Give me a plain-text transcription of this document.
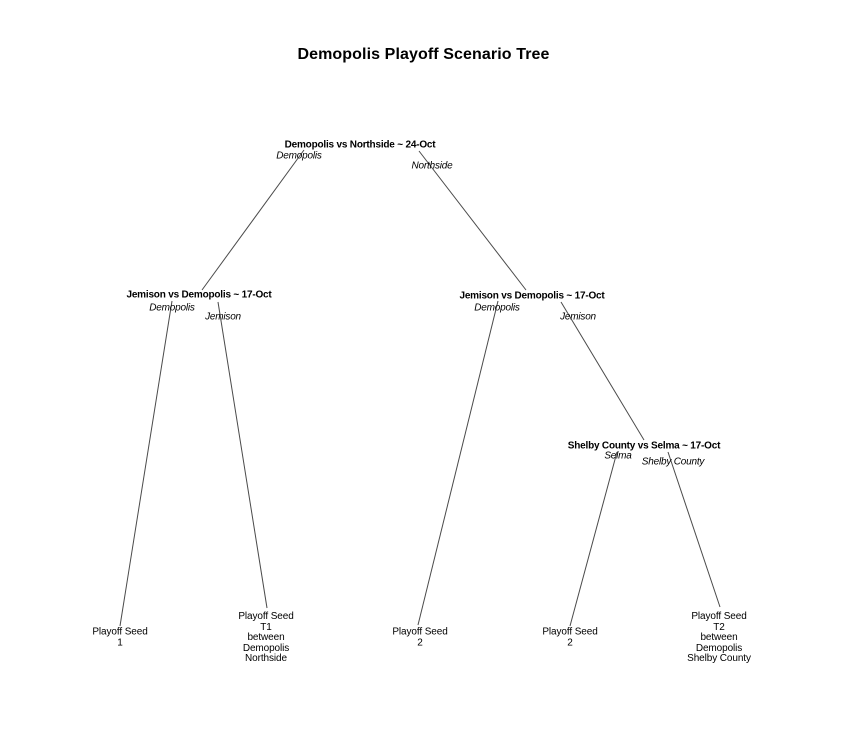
Demopolis Playoff Scenario Tree
Demopolis vs Northside ~ 24-Oct
Jemison vs Demopolis ~ 17-Oct	Jemison vs Demopolis ~ 17-Oct
Shelby County vs Selma ~ 17-Oct
Playoff Seed
1
Playoff Seed
T1
between
Demopolis
Northside
Playoff Seed
2
Playoff Seed
2
Playoff Seed
T2
between
Demopolis
Shelby County
Demopolis
Northside
Demopolis
Jemison
Demopolis
Jemison
Selma
Shelby County
